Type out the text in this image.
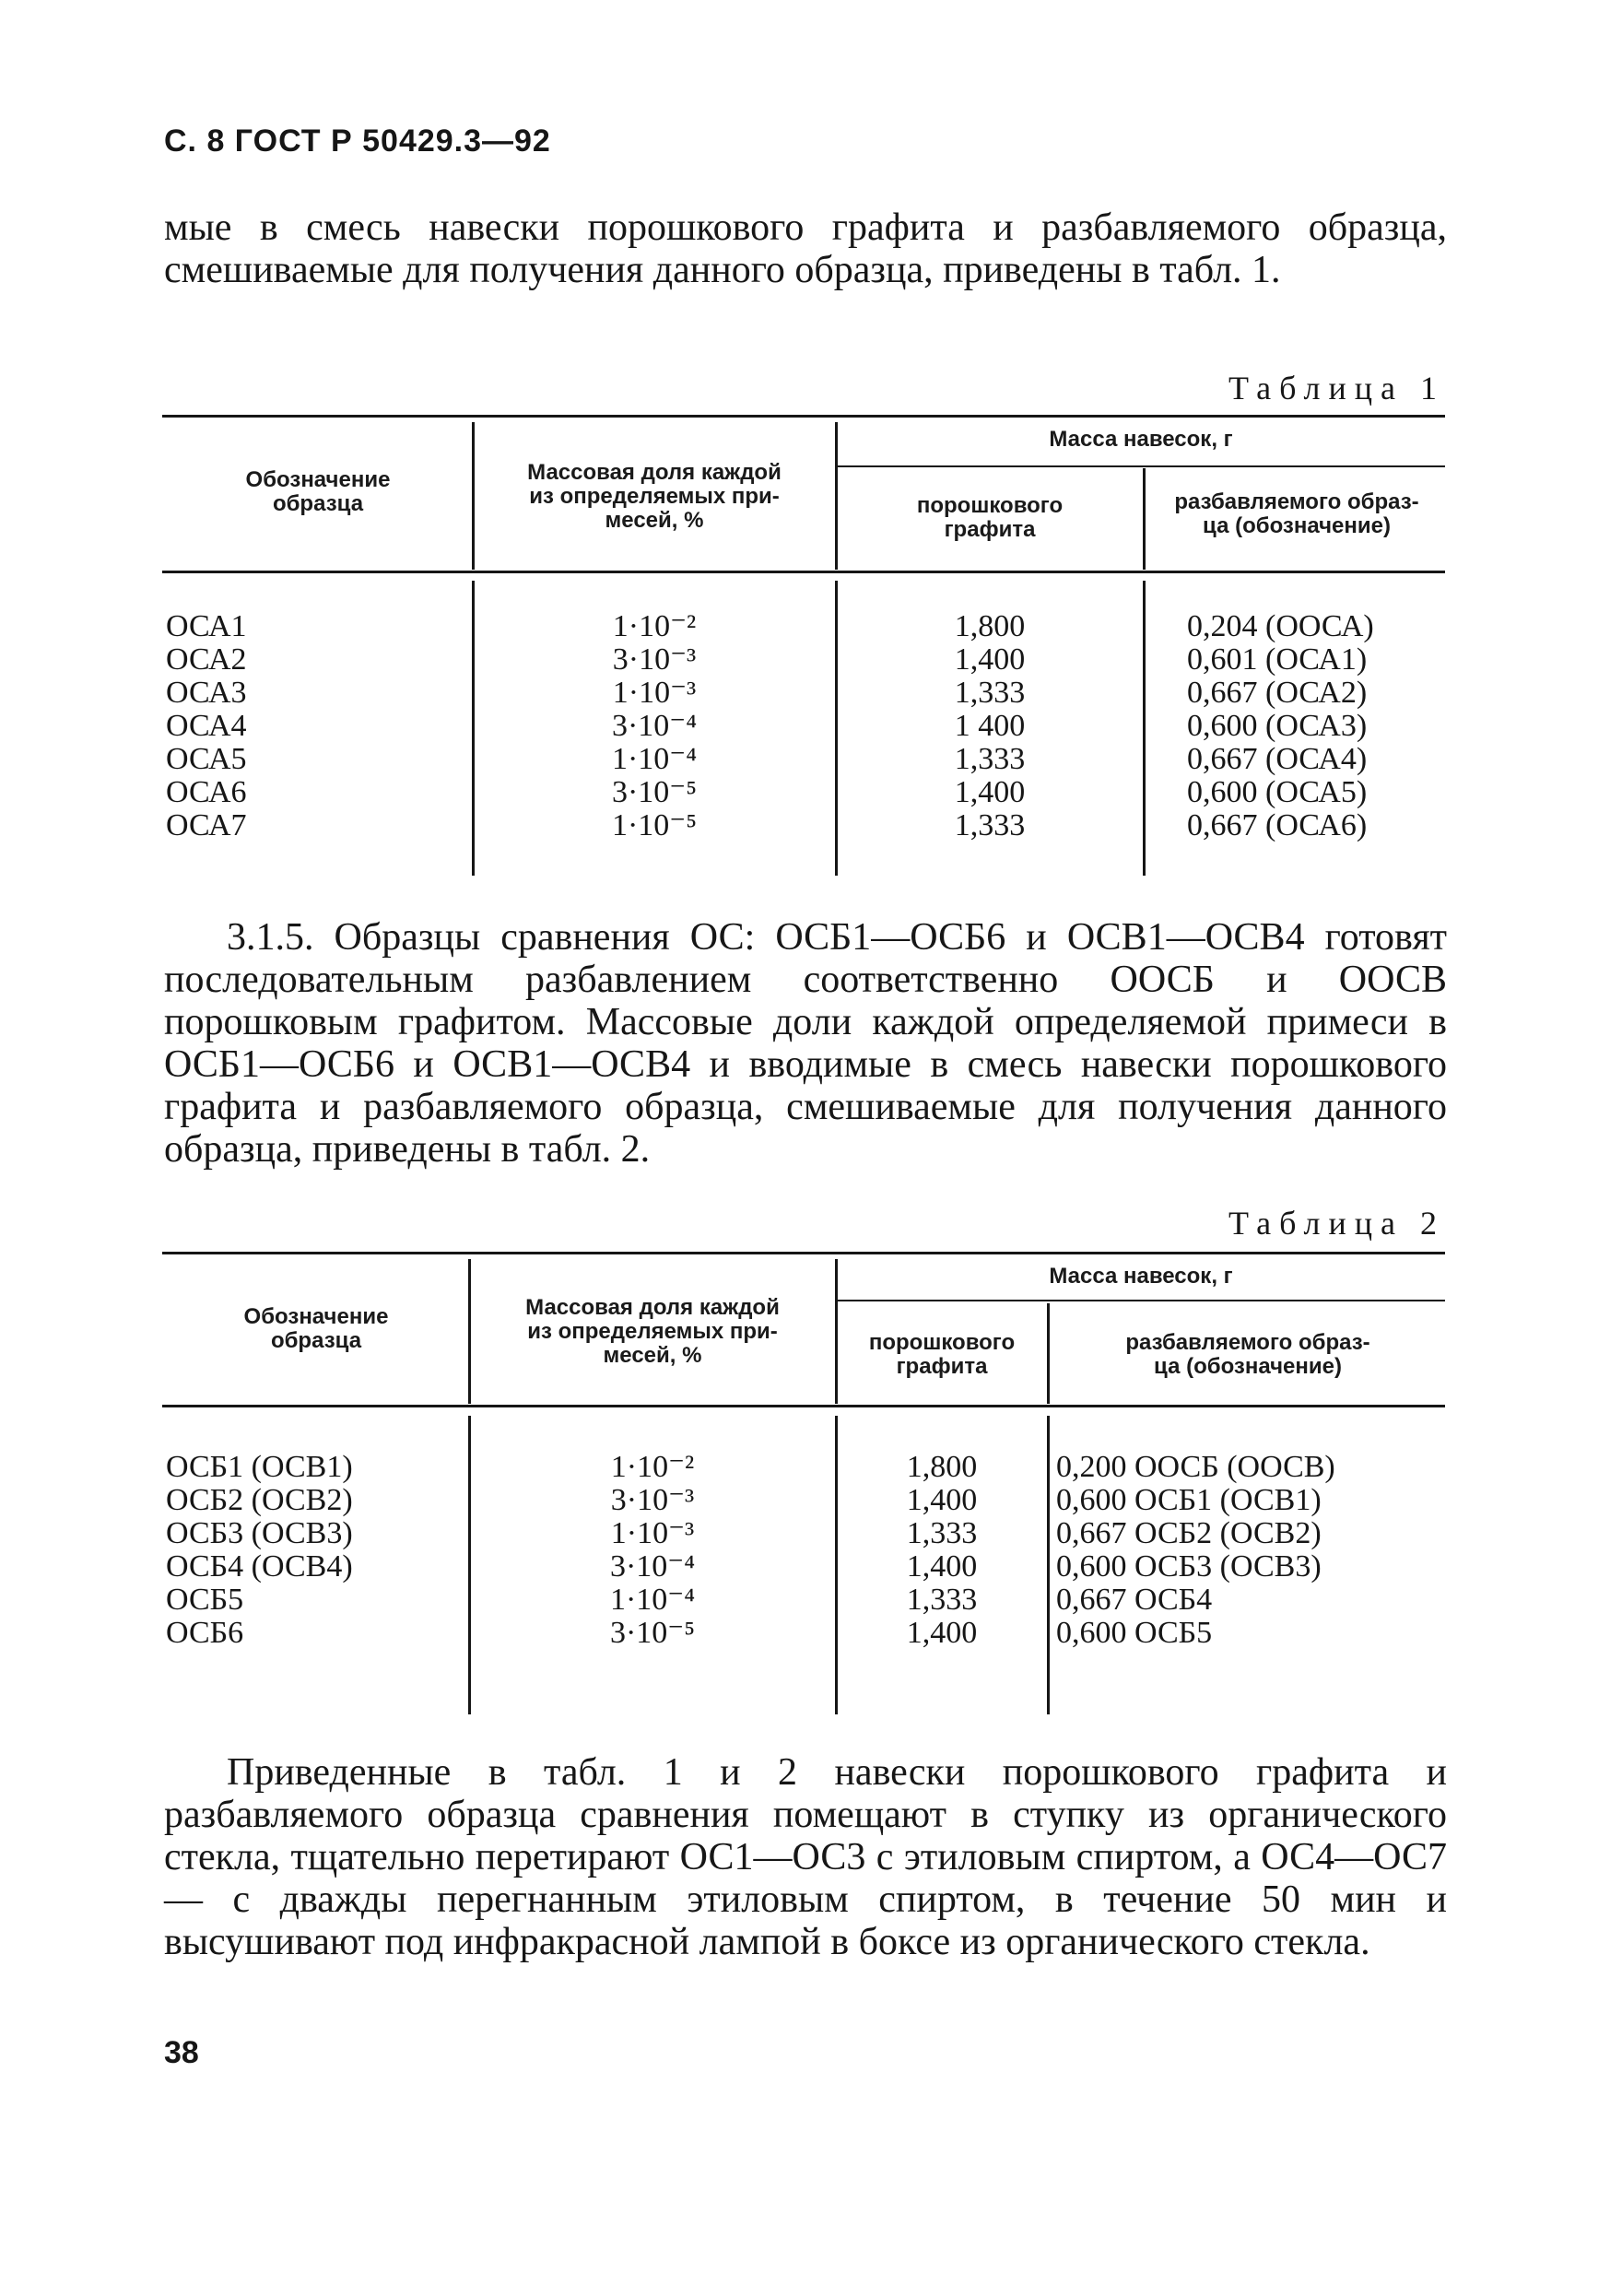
С. 8 ГОСТ Р 50429.3—92

мые в смесь навески порошкового графита и разбавляемого образца, смешиваемые для получения данного образца, приведены в табл. 1.

Таблица 1
Обозначение
образца
Массовая доля каждой
из определяемых при-
месей, %
Масса навесок, г
порошкового
графита
разбавляемого образ-
ца (обозначение)
ОСА1
ОСА2
ОСА3
ОСА4
ОСА5
ОСА6
ОСА7
1·10⁻²
3·10⁻³
1·10⁻³
3·10⁻⁴
1·10⁻⁴
3·10⁻⁵
1·10⁻⁵
1,800
1,400
1,333
1 400
1,333
1,400
1,333
0,204 (ООСА)
0,601 (ОСА1)
0,667 (ОСА2)
0,600 (ОСА3)
0,667 (ОСА4)
0,600 (ОСА5)
0,667 (ОСА6)

3.1.5. Образцы сравнения ОС: ОСБ1—ОСБ6 и ОСВ1—ОСВ4 готовят последовательным разбавлением соответственно ООСБ и ООСВ порошковым графитом. Массовые доли каждой определяемой примеси в ОСБ1—ОСБ6 и ОСВ1—ОСВ4 и вводимые в смесь навески порошкового графита и разбавляемого образца, смешиваемые для получения данного образца, приведены в табл. 2.

Таблица 2
Обозначение
образца
Массовая доля каждой
из определяемых при-
месей, %
Масса навесок, г
порошкового
графита
разбавляемого образ-
ца (обозначение)
ОСБ1 (ОСВ1)
ОСБ2 (ОСВ2)
ОСБ3 (ОСВ3)
ОСБ4 (ОСВ4)
ОСБ5
ОСБ6
1·10⁻²
3·10⁻³
1·10⁻³
3·10⁻⁴
1·10⁻⁴
3·10⁻⁵
1,800
1,400
1,333
1,400
1,333
1,400
0,200 ООСБ (ООСВ)
0,600 ОСБ1 (ОСВ1)
0,667 ОСБ2 (ОСВ2)
0,600 ОСБ3 (ОСВ3)
0,667 ОСБ4
0,600 ОСБ5

Приведенные в табл. 1 и 2 навески порошкового графита и разбавляемого образца сравнения помещают в ступку из органического стекла, тщательно перетирают ОС1—ОС3 с этиловым спиртом, а ОС4—ОС7 — с дважды перегнанным этиловым спиртом, в течение 50 мин и высушивают под инфракрасной лампой в боксе из органического стекла.

38
